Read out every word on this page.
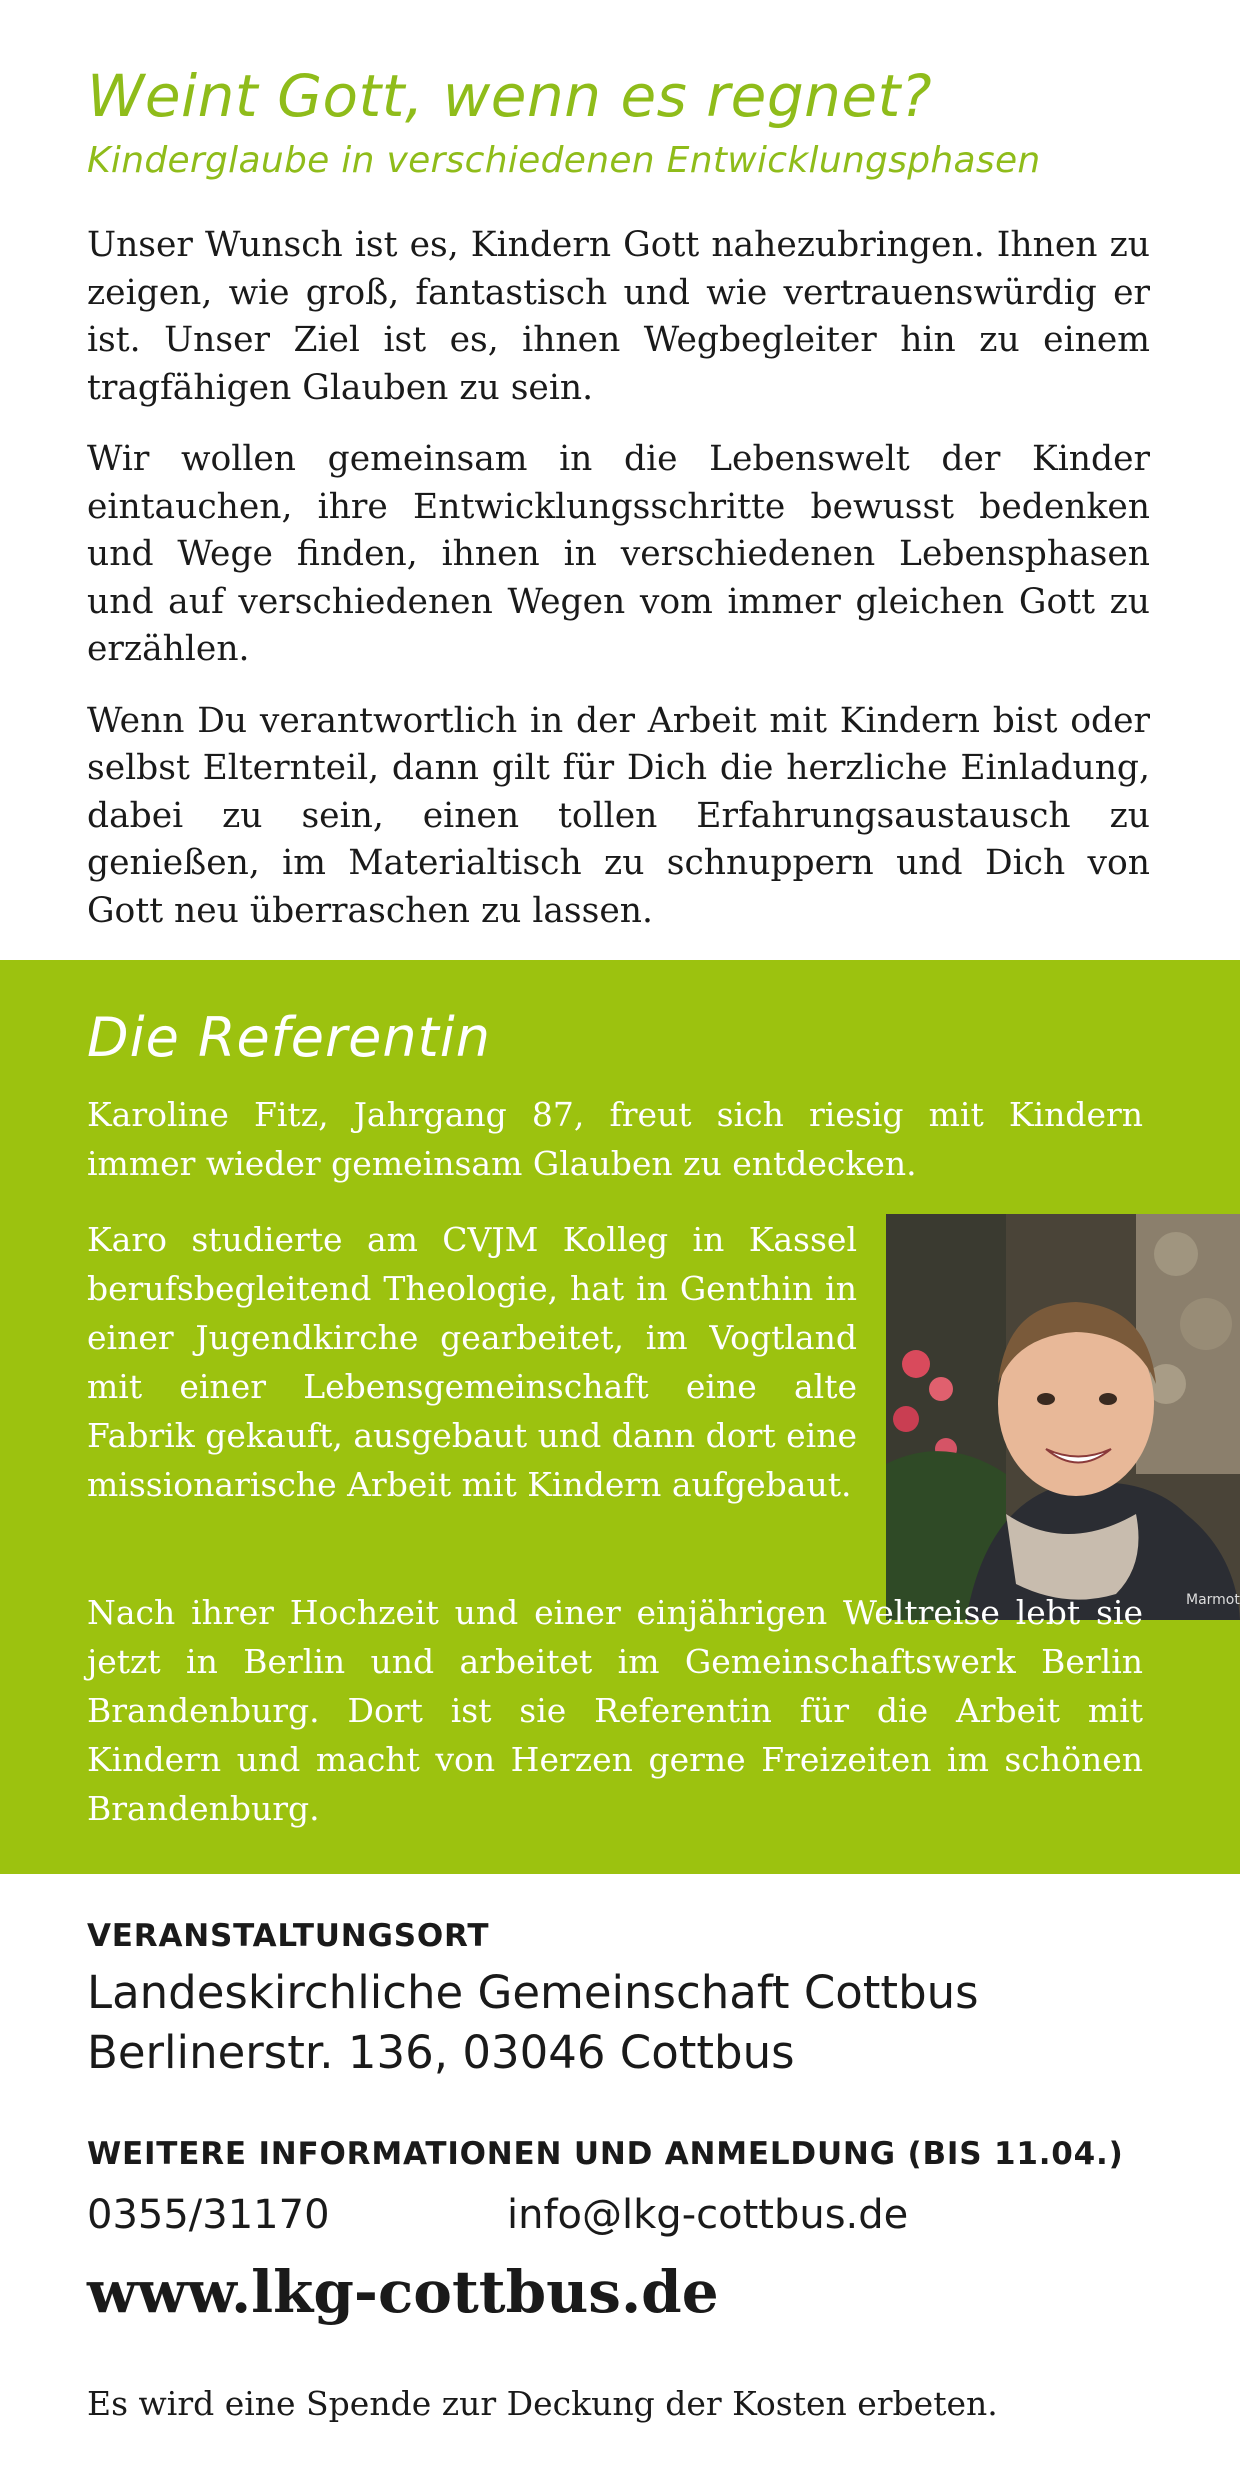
Weint Gott, wenn es regnet?
Kinderglaube in verschiedenen Entwicklungsphasen

Unser Wunsch ist es, Kindern Gott nahezubringen. Ihnen zu zeigen, wie groß, fantastisch und wie vertrauenswürdig er ist. Unser Ziel ist es, ihnen Wegbegleiter hin zu einem tragfähigen Glauben zu sein.

Wir wollen gemeinsam in die Lebenswelt der Kinder eintauchen, ihre Entwicklungsschritte bewusst bedenken und Wege finden, ihnen in verschiedenen Lebensphasen und auf verschiedenen Wegen vom immer gleichen Gott zu erzählen.

Wenn Du verantwortlich in der Arbeit mit Kindern bist oder selbst Elternteil, dann gilt für Dich die herzliche Einladung, dabei zu sein, einen tollen Erfahrungsaustausch zu genießen, im Materialtisch zu schnuppern und Dich von Gott neu überraschen zu lassen.

Die Referentin

Karoline Fitz, Jahrgang 87, freut sich riesig mit Kindern immer wieder gemeinsam Glauben zu entdecken.

Karo studierte am CVJM Kolleg in Kassel berufsbegleitend Theologie, hat in Genthin in einer Jugendkirche gearbeitet, im Vogtland mit einer Lebensgemeinschaft eine alte Fabrik gekauft, ausgebaut und dann dort eine missionarische Arbeit mit Kindern aufgebaut.

Marmot

Nach ihrer Hochzeit und einer einjährigen Weltreise lebt sie jetzt in Berlin und arbeitet im Gemeinschaftswerk Berlin Brandenburg. Dort ist sie Referentin für die Arbeit mit Kindern und macht von Herzen gerne Freizeiten im schönen Brandenburg.

VERANSTALTUNGSORT

Landeskirchliche Gemeinschaft Cottbus

Berlinerstr. 136, 03046 Cottbus

WEITERE INFORMATIONEN UND ANMELDUNG (BIS 11.04.)

0355/31170	info@lkg-cottbus.de

www.lkg-cottbus.de

Es wird eine Spende zur Deckung der Kosten erbeten.
